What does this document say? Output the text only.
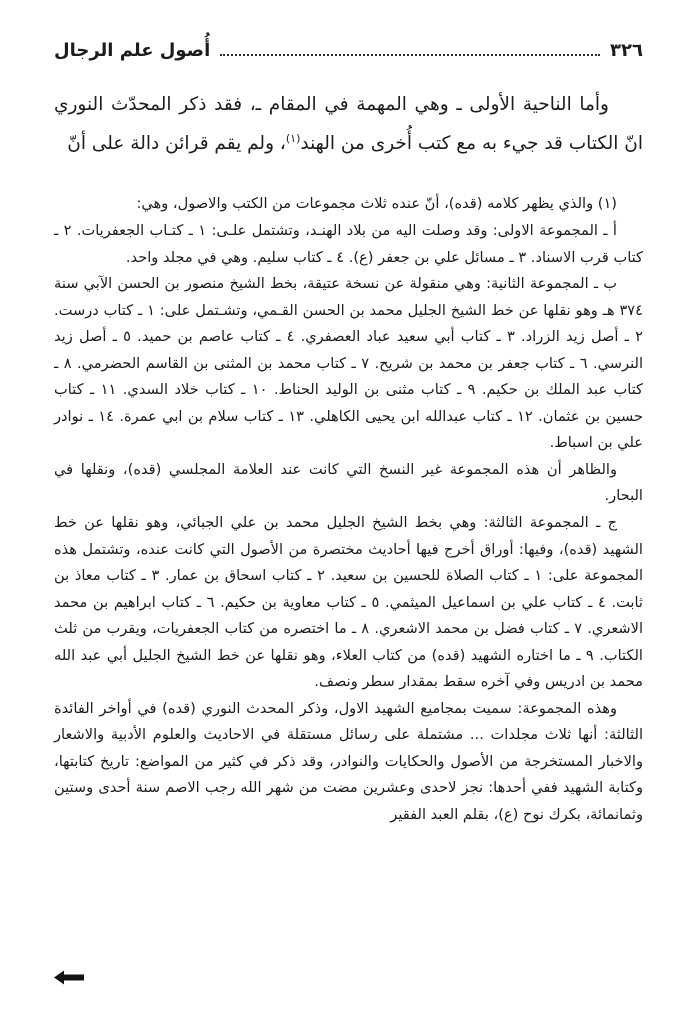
٣٢٦
أُصول علم الرجال

وأما الناحية الأولى ـ وهي المهمة في المقام ـ، فقد ذكر المحدّث النوري انّ الكتاب قد جيء به مع كتب أُخرى من الهند$^{(١)}$، ولم يقم قرائن دالة على أنّ

(١) والذي يظهر كلامه (قده)، أنّ عنده ثلاث مجموعات من الكتب والاصول، وهي:

أ ـ المجموعة الاولى: وقد وصلت اليه من بلاد الهنـد، وتشتمل علـى: ١ ـ كتـاب الجعفريات. ٢ ـ كتاب قرب الاسناد. ٣ ـ مسائل علي بن جعفر (ع). ٤ ـ كتاب سليم. وهي في مجلد واحد.

ب ـ المجموعة الثانية: وهي منقولة عن نسخة عتيقة، بخط الشيخ منصور بن الحسن الآبي سنة ٣٧٤ هـ وهو نقلها عن خط الشيخ الجليل محمد بن الحسن القـمي، وتشـتمل على: ١ ـ كتاب درست. ٢ ـ أصل زيد الزراد. ٣ ـ كتاب أبي سعيد عباد العصفري. ٤ ـ كتاب عاصم بن حميد. ٥ ـ أصل زيد النرسي. ٦ ـ كتاب جعفر بن محمد بن شريح. ٧ ـ كتاب محمد بن المثنى بن القاسم الحضرمي. ٨ ـ كتاب عبد الملك بن حكيم. ٩ ـ كتاب مثنى بن الوليد الحناط. ١٠ ـ كتاب خلاد السدي. ١١ ـ كتاب حسين بن عثمان. ١٢ ـ كتاب عبدالله ابن يحيى الكاهلي. ١٣ ـ كتاب سلام بن ابي عمرة. ١٤ ـ نوادر علي بن اسباط.

والظاهر أن هذه المجموعة غير النسخ التي كانت عند العلامة المجلسي (قده)، ونقلها في البحار.

ج ـ المجموعة الثالثة: وهي بخط الشيخ الجليل محمد بن علي الجبائي، وهو نقلها عن خط الشهيد (قده)، وفيها: أوراق أخرج فيها أحاديث مختصرة من الأصول التي كانت عنده، وتشتمل هذه المجموعة على: ١ ـ كتاب الصلاة للحسين بن سعيد. ٢ ـ كتاب اسحاق بن عمار. ٣ ـ كتاب معاذ بن ثابت. ٤ ـ كتاب علي بن اسماعيل الميثمي. ٥ ـ كتاب معاوية بن حكيم. ٦ ـ كتاب ابراهيم بن محمد الاشعري. ٧ ـ كتاب فضل بن محمد الاشعري. ٨ ـ ما اختصره من كتاب الجعفريات، ويقرب من ثلث الكتاب. ٩ ـ ما اختاره الشهيد (قده) من كتاب العلاء، وهو نقلها عن خط الشيخ الجليل أبي عبد الله محمد بن ادريس وفي آخره سقط بمقدار سطر ونصف.

وهذه المجموعة: سميت بمجاميع الشهيد الاول، وذكر المحدث النوري (قده) في أواخر الفائدة الثالثة: أنها ثلاث مجلدات ... مشتملة على رسائل مستقلة في الاحاديث والعلوم الأدبية والاشعار والاخبار المستخرجة من الأصول والحكايات والنوادر، وقد ذكر في كثير من المواضع: تاريخ كتابتها، وكتابة الشهيد ففي أحدها: نجز لاحدى وعشرين مضت من شهر الله رجب الاصم سنة أحدى وستين وثمانمائة، بكرك نوح (ع)، بقلم العبد الفقير
